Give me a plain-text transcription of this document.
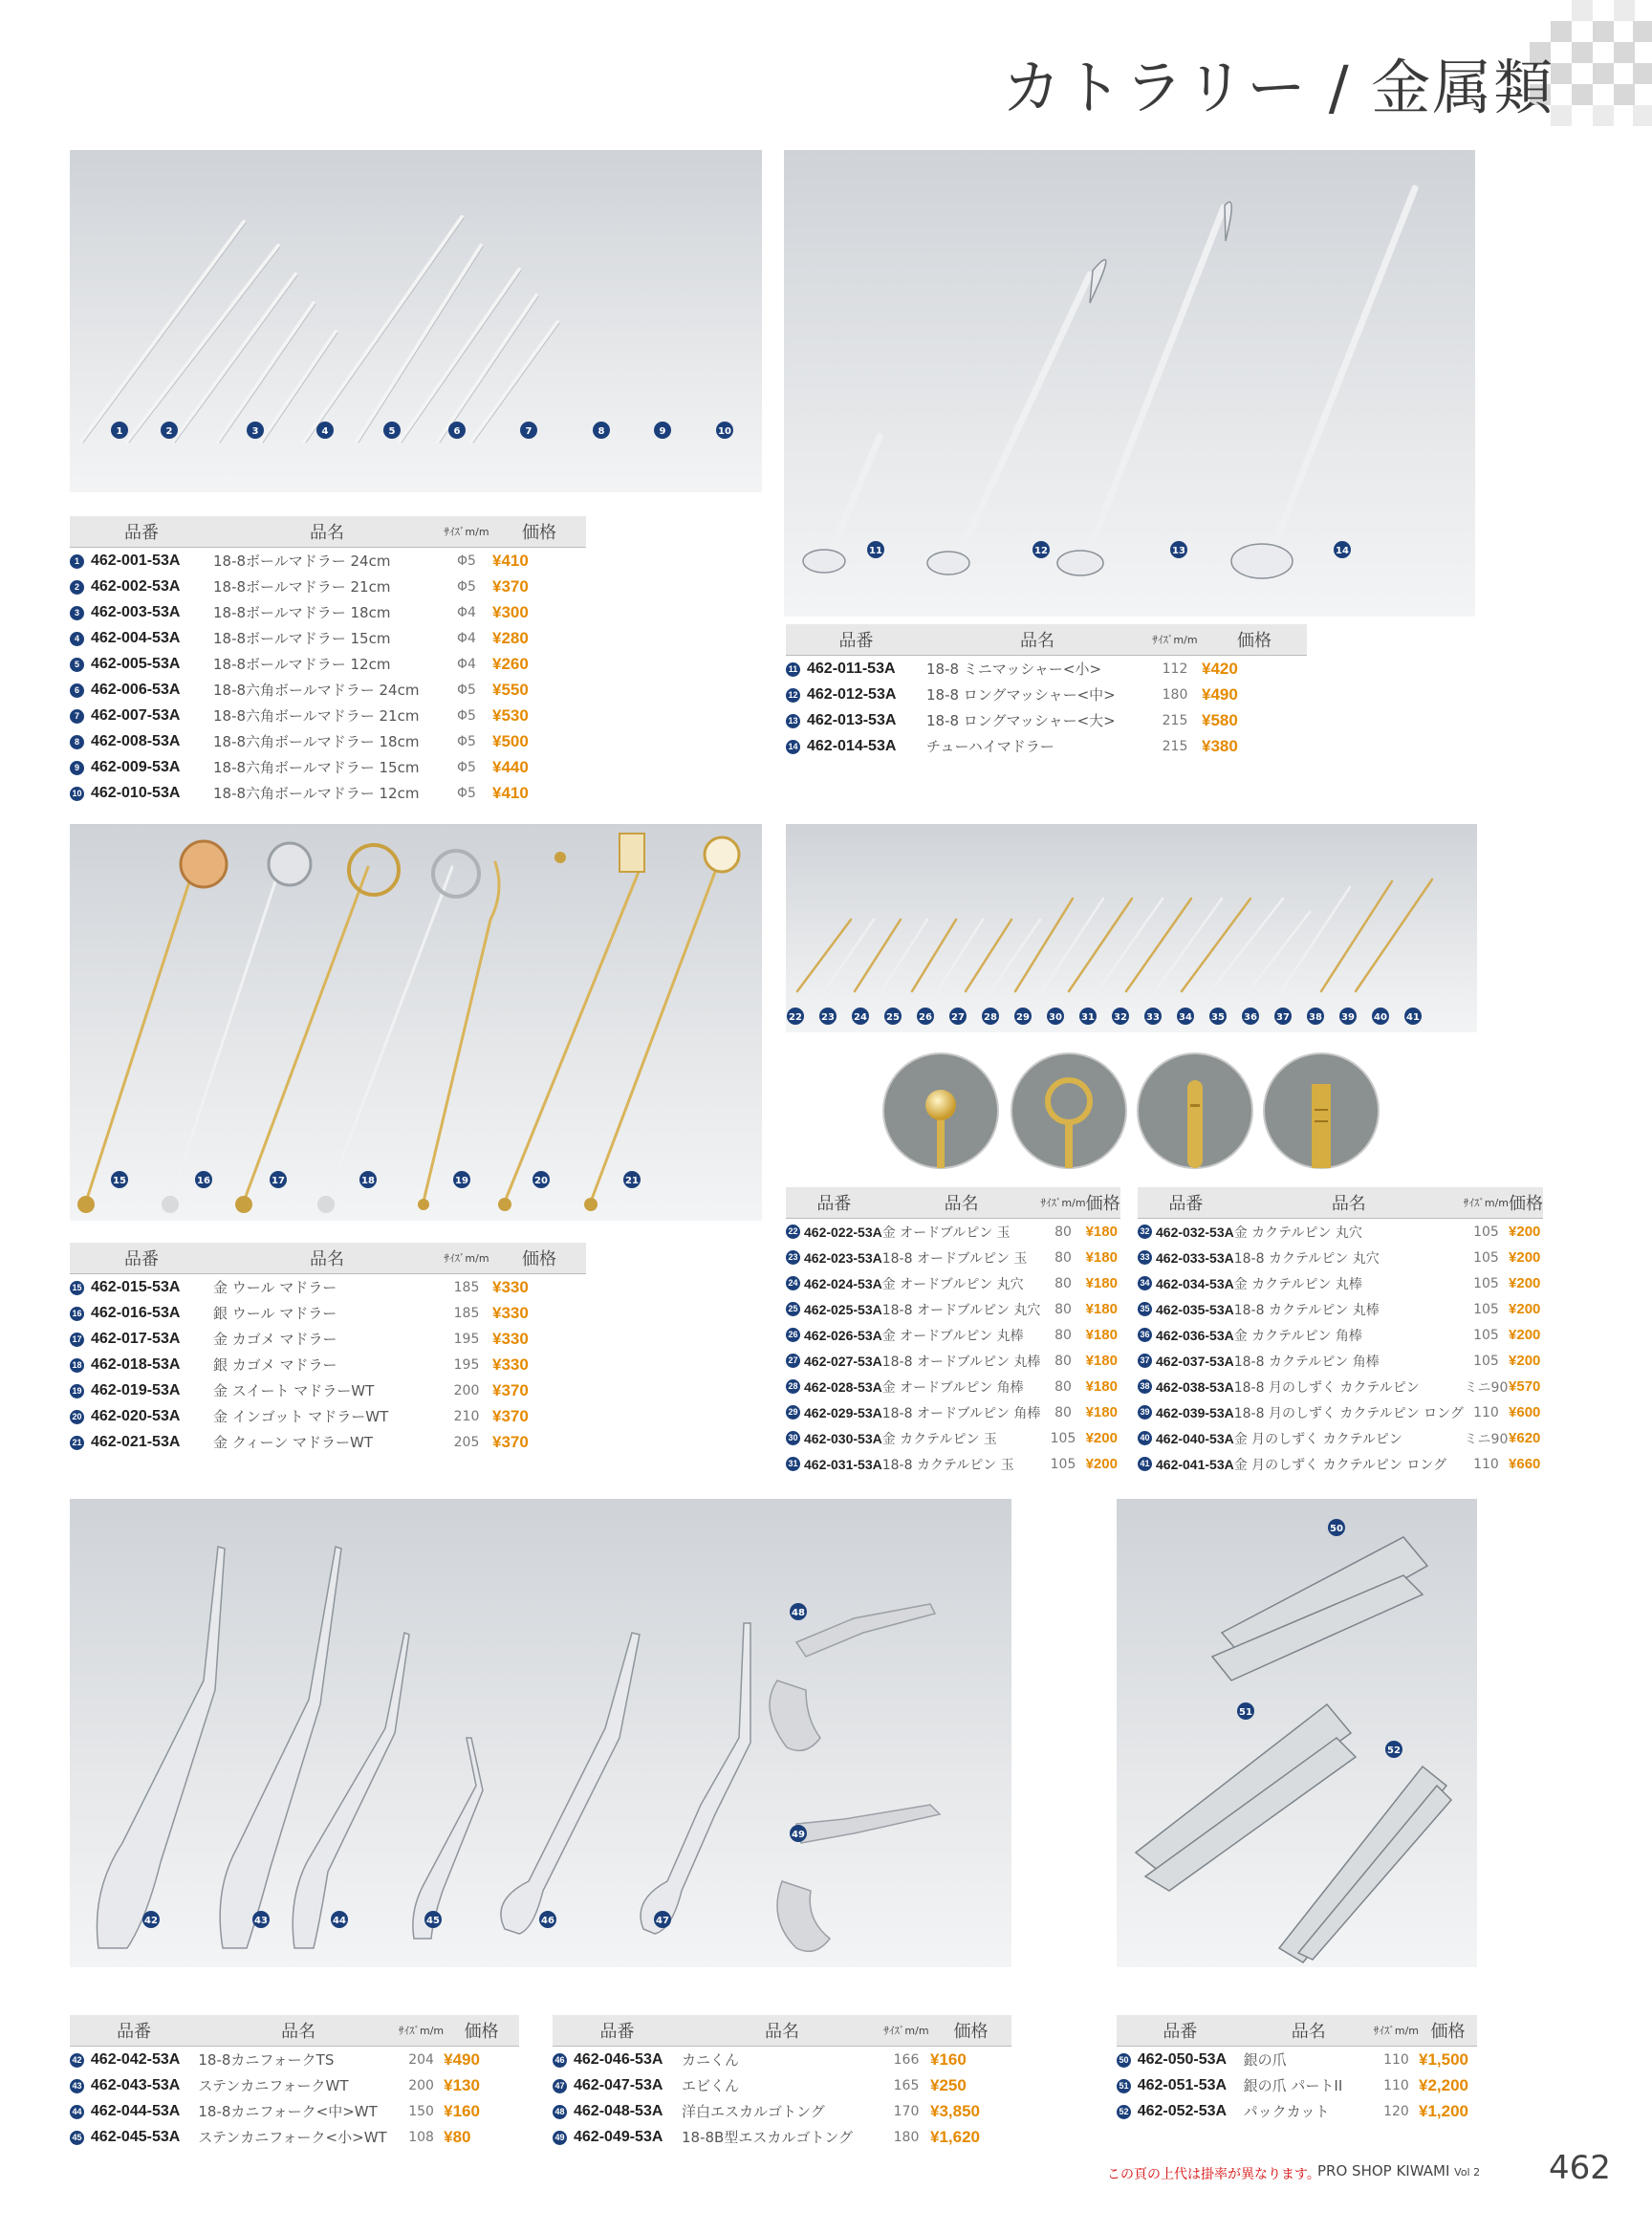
カトラリー / 金属類
1	2	3	4	5	6	7	8	9	10
品番		品名	ｻｲｽﾞm/m	価格
1	462-001-53A	18-8ボールマドラー 24cm	Φ5	¥410
2	462-002-53A	18-8ボールマドラー 21cm	Φ5	¥370
3	462-003-53A	18-8ボールマドラー 18cm	Φ4	¥300
4	462-004-53A	18-8ボールマドラー 15cm	Φ4	¥280
5	462-005-53A	18-8ボールマドラー 12cm	Φ4	¥260
6	462-006-53A	18-8六角ボールマドラー 24cm	Φ5	¥550
7	462-007-53A	18-8六角ボールマドラー 21cm	Φ5	¥530
8	462-008-53A	18-8六角ボールマドラー 18cm	Φ5	¥500
9	462-009-53A	18-8六角ボールマドラー 15cm	Φ5	¥440
10	462-010-53A	18-8六角ボールマドラー 12cm	Φ5	¥410
11	12	13	14
品番		品名	ｻｲｽﾞm/m	価格
11	462-011-53A	18-8 ミニマッシャー<小>	112	¥420
12	462-012-53A	18-8 ロングマッシャー<中>	180	¥490
13	462-013-53A	18-8 ロングマッシャー<大>	215	¥580
14	462-014-53A	チューハイマドラー	215	¥380
15	16	17	18	19	20	21
品番		品名	ｻｲｽﾞm/m	価格
15	462-015-53A	金 ウール マドラー	185	¥330
16	462-016-53A	銀 ウール マドラー	185	¥330
17	462-017-53A	金 カゴメ マドラー	195	¥330
18	462-018-53A	銀 カゴメ マドラー	195	¥330
19	462-019-53A	金 スイート マドラーWT	200	¥370
20	462-020-53A	金 インゴット マドラーWT	210	¥370
21	462-021-53A	金 クィーン マドラーWT	205	¥370
22 23 24 25 26 27 28 29 30 31 32 33 34 35 36 37 38 39 40 41
品番		品名	ｻｲｽﾞm/m	価格
22	462-022-53A	金 オードブルピン 玉	80	¥180
23	462-023-53A	18-8 オードブルピン 玉	80	¥180
24	462-024-53A	金 オードブルピン 丸穴	80	¥180
25	462-025-53A	18-8 オードブルピン 丸穴	80	¥180
26	462-026-53A	金 オードブルピン 丸棒	80	¥180
27	462-027-53A	18-8 オードブルピン 丸棒	80	¥180
28	462-028-53A	金 オードブルピン 角棒	80	¥180
29	462-029-53A	18-8 オードブルピン 角棒	80	¥180
30	462-030-53A	金 カクテルピン 玉	105	¥200
31	462-031-53A	18-8 カクテルピン 玉	105	¥200
品番		品名	ｻｲｽﾞm/m	価格
32	462-032-53A	金 カクテルピン 丸穴	105	¥200
33	462-033-53A	18-8 カクテルピン 丸穴	105	¥200
34	462-034-53A	金 カクテルピン 丸棒	105	¥200
35	462-035-53A	18-8 カクテルピン 丸棒	105	¥200
36	462-036-53A	金 カクテルピン 角棒	105	¥200
37	462-037-53A	18-8 カクテルピン 角棒	105	¥200
38	462-038-53A	18-8 月のしずく カクテルピン	ミニ90	¥570
39	462-039-53A	18-8 月のしずく カクテルピン ロング	110	¥600
40	462-040-53A	金 月のしずく カクテルピン	ミニ90	¥620
41	462-041-53A	金 月のしずく カクテルピン ロング	110	¥660
42	43	44	45	46	47
48
49
品番		品名	ｻｲｽﾞm/m	価格
42	462-042-53A	18-8カニフォークTS	204	¥490
43	462-043-53A	ステンカニフォークWT	200	¥130
44	462-044-53A	18-8カニフォーク<中>WT	150	¥160
45	462-045-53A	ステンカニフォーク<小>WT	108	¥80
品番		品名	ｻｲｽﾞm/m	価格
46	462-046-53A	カニくん	166	¥160
47	462-047-53A	エビくん	165	¥250
48	462-048-53A	洋白エスカルゴトング	170	¥3,850
49	462-049-53A	18-8B型エスカルゴトング	180	¥1,620
50
51
52
品番		品名	ｻｲｽﾞm/m	価格
50	462-050-53A	銀の爪	110	¥1,500
51	462-051-53A	銀の爪 パートII	110	¥2,200
52	462-052-53A	パックカット	120	¥1,200
この頁の上代は掛率が異なります。
PRO SHOP KIWAMI Vol 2 462
